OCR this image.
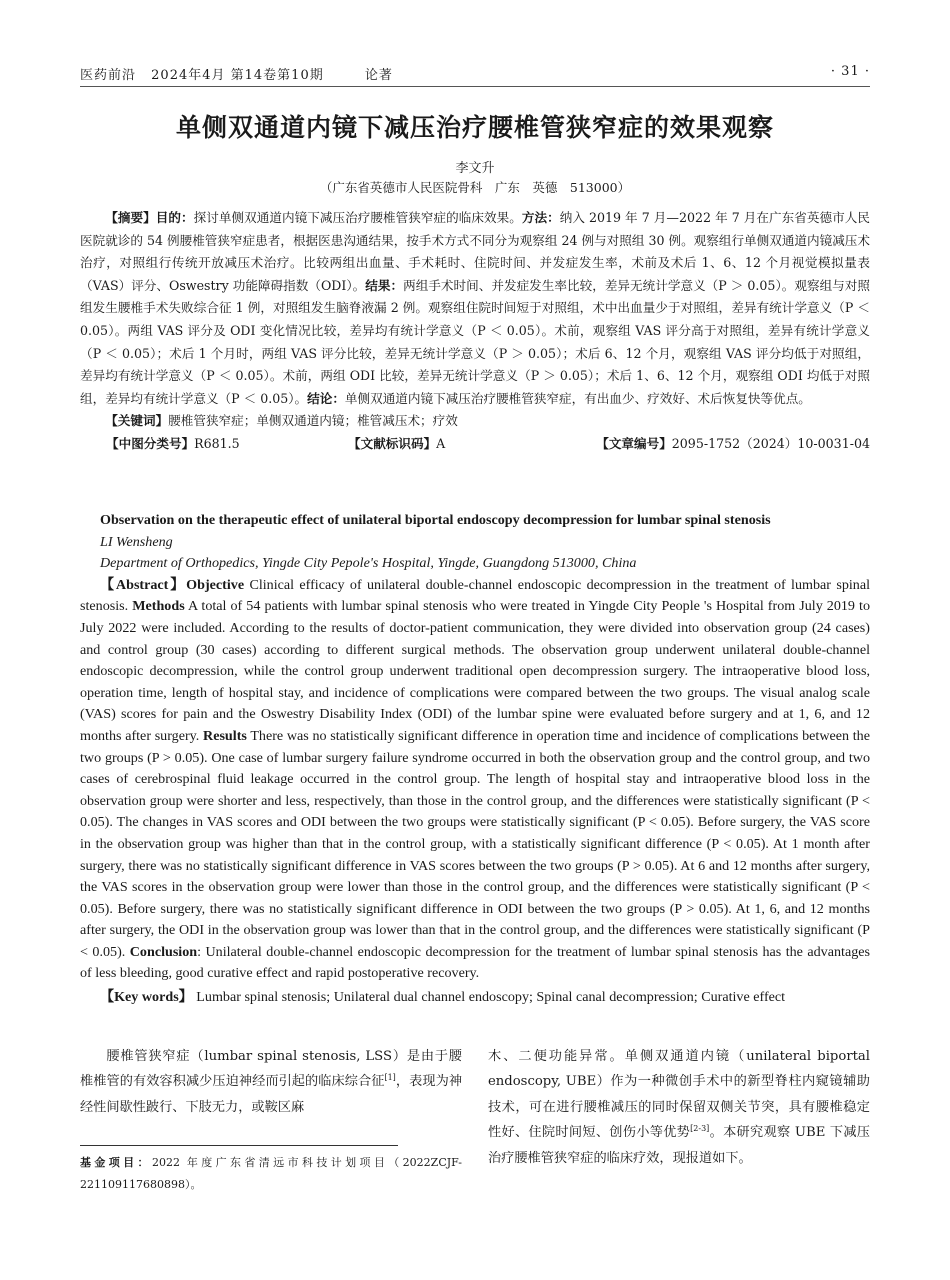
医药前沿 2024年4月 第14卷第10期	论著	· 31 ·
单侧双通道内镜下减压治疗腰椎管狭窄症的效果观察
李文升
（广东省英德市人民医院骨科　广东　英德　513000）

【摘要】目的：探讨单侧双通道内镜下减压治疗腰椎管狭窄症的临床效果。方法：纳入 2019 年 7 月—2022 年 7 月在广东省英德市人民医院就诊的 54 例腰椎管狭窄症患者，根据医患沟通结果，按手术方式不同分为观察组 24 例与对照组 30 例。观察组行单侧双通道内镜减压术治疗，对照组行传统开放减压术治疗。比较两组出血量、手术耗时、住院时间、并发症发生率，术前及术后 1、6、12 个月视觉模拟量表（VAS）评分、Oswestry 功能障碍指数（ODI）。结果：两组手术时间、并发症发生率比较，差异无统计学意义（P ＞ 0.05）。观察组与对照组发生腰椎手术失败综合征 1 例，对照组发生脑脊液漏 2 例。观察组住院时间短于对照组，术中出血量少于对照组，差异有统计学意义（P ＜ 0.05）。两组 VAS 评分及 ODI 变化情况比较，差异均有统计学意义（P ＜ 0.05）。术前，观察组 VAS 评分高于对照组，差异有统计学意义（P ＜ 0.05）；术后 1 个月时，两组 VAS 评分比较，差异无统计学意义（P ＞ 0.05）；术后 6、12 个月，观察组 VAS 评分均低于对照组，差异均有统计学意义（P ＜ 0.05）。术前，两组 ODI 比较，差异无统计学意义（P ＞ 0.05）；术后 1、6、12 个月，观察组 ODI 均低于对照组，差异均有统计学意义（P ＜ 0.05）。结论：单侧双通道内镜下减压治疗腰椎管狭窄症，有出血少、疗效好、术后恢复快等优点。

【关键词】腰椎管狭窄症；单侧双通道内镜；椎管减压术；疗效

【中图分类号】R681.5	【文献标识码】A	【文章编号】2095-1752（2024）10-0031-04

Observation on the therapeutic effect of unilateral biportal endoscopy decompression for lumbar spinal stenosis

LI Wensheng

Department of Orthopedics, Yingde City Pepole's Hospital, Yingde, Guangdong 513000, China

【Abstract】Objective Clinical efficacy of unilateral double-channel endoscopic decompression in the treatment of lumbar spinal stenosis. Methods A total of 54 patients with lumbar spinal stenosis who were treated in Yingde City People 's Hospital from July 2019 to July 2022 were included. According to the results of doctor-patient communication, they were divided into observation group (24 cases) and control group (30 cases) according to different surgical methods. The observation group underwent unilateral double-channel endoscopic decompression, while the control group underwent traditional open decompression surgery. The intraoperative blood loss, operation time, length of hospital stay, and incidence of complications were compared between the two groups. The visual analog scale (VAS) scores for pain and the Oswestry Disability Index (ODI) of the lumbar spine were evaluated before surgery and at 1, 6, and 12 months after surgery. Results There was no statistically significant difference in operation time and incidence of complications between the two groups (P > 0.05). One case of lumbar surgery failure syndrome occurred in both the observation group and the control group, and two cases of cerebrospinal fluid leakage occurred in the control group. The length of hospital stay and intraoperative blood loss in the observation group were shorter and less, respectively, than those in the control group, and the differences were statistically significant (P < 0.05). The changes in VAS scores and ODI between the two groups were statistically significant (P < 0.05). Before surgery, the VAS score in the observation group was higher than that in the control group, with a statistically significant difference (P < 0.05). At 1 month after surgery, there was no statistically significant difference in VAS scores between the two groups (P > 0.05). At 6 and 12 months after surgery, the VAS scores in the observation group were lower than those in the control group, and the differences were statistically significant (P < 0.05). Before surgery, there was no statistically significant difference in ODI between the two groups (P > 0.05). At 1, 6, and 12 months after surgery, the ODI in the observation group was lower than that in the control group, and the differences were statistically significant (P < 0.05). Conclusion: Unilateral double-channel endoscopic decompression for the treatment of lumbar spinal stenosis has the advantages of less bleeding, good curative effect and rapid postoperative recovery.

【Key words】 Lumbar spinal stenosis; Unilateral dual channel endoscopy; Spinal canal decompression; Curative effect

腰椎管狭窄症（lumbar spinal stenosis, LSS）是由于腰椎椎管的有效容积减少压迫神经而引起的临床综合征[1]，表现为神经性间歇性跛行、下肢无力，或鞍区麻

木、二便功能异常。单侧双通道内镜（unilateral biportal endoscopy, UBE）作为一种微创手术中的新型脊柱内窥镜辅助技术，可在进行腰椎减压的同时保留双侧关节突，具有腰椎稳定性好、住院时间短、创伤小等优势[2-3]。本研究观察 UBE 下减压治疗腰椎管狭窄症的临床疗效，现报道如下。

基金项目：2022 年度广东省清远市科技计划项目（2022ZCJF-221109117680898）。
